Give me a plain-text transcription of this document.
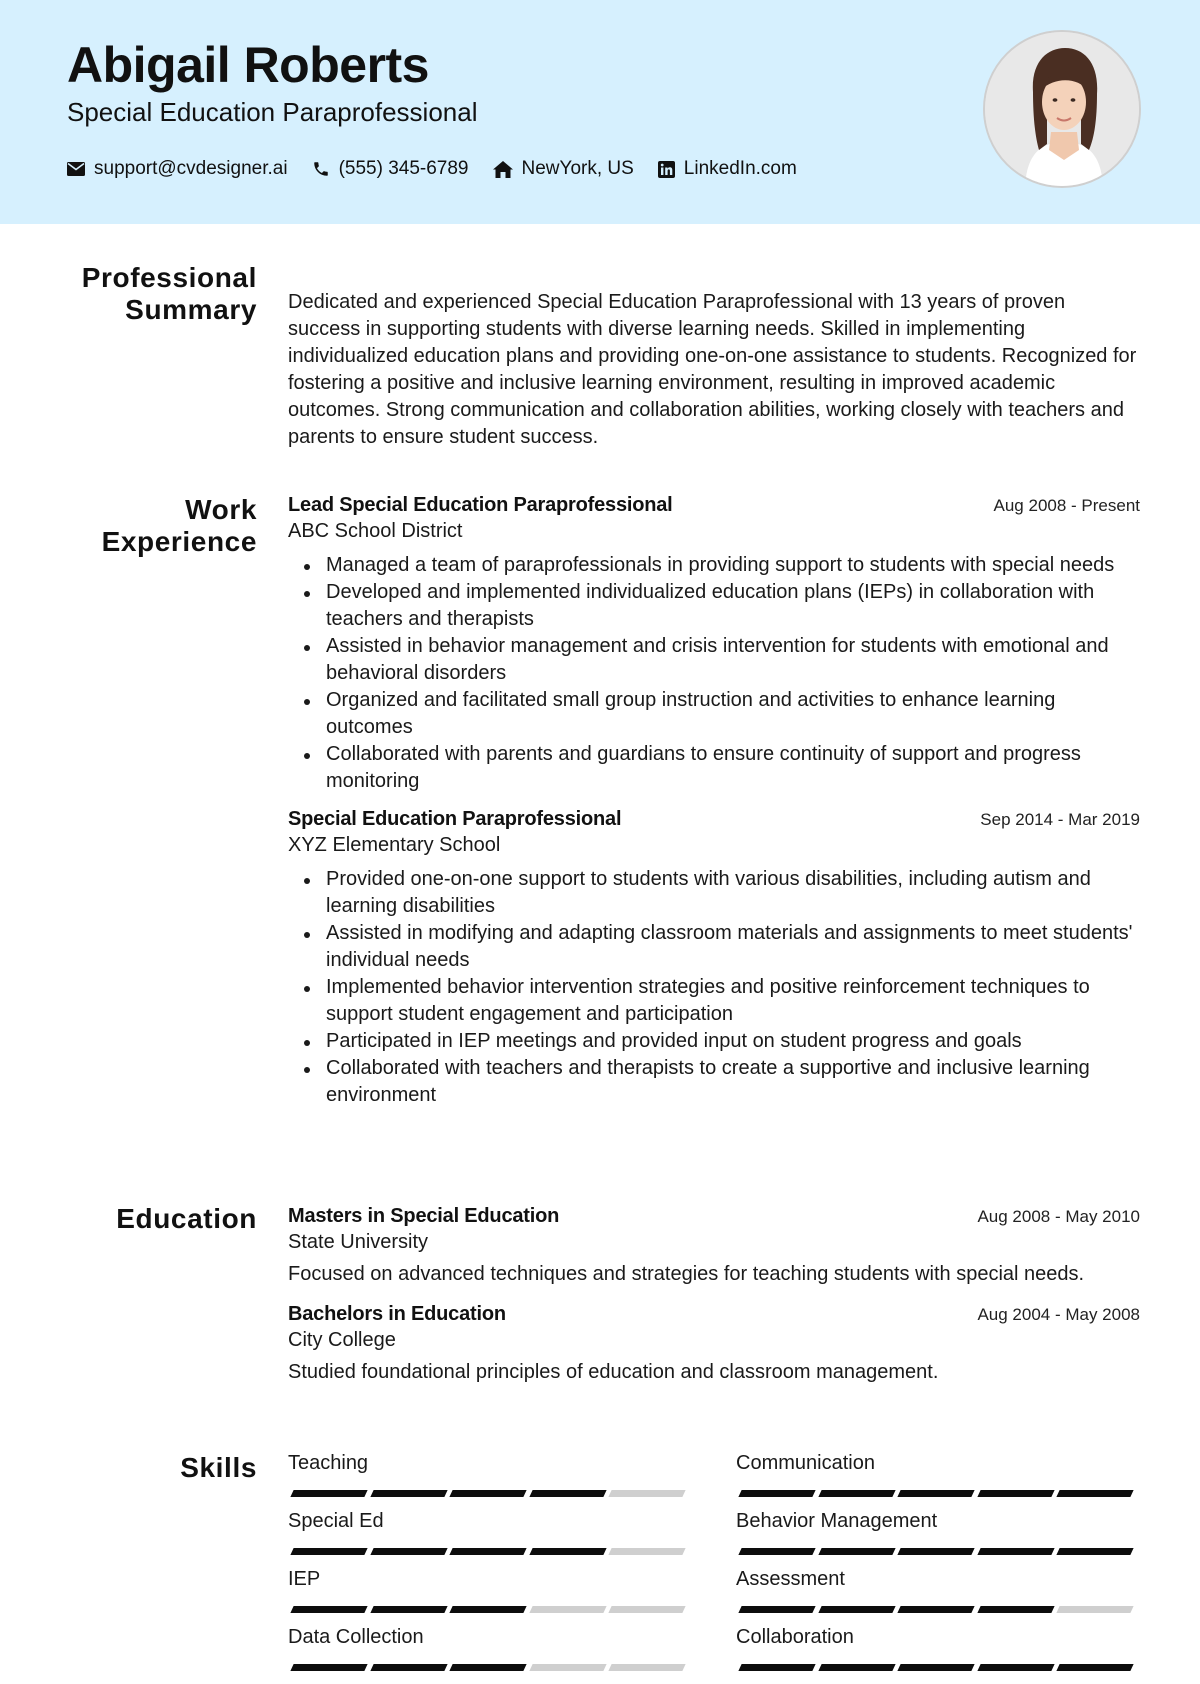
Abigail Roberts
Special Education Paraprofessional
support@cvdesigner.ai	(555) 345-6789	NewYork, US	LinkedIn.com
Professional
Summary Dedicated and experienced Special Education Paraprofessional with 13 years of proven success in supporting students with diverse learning needs. Skilled in implementing individualized education plans and providing one-on-one assistance to students. Recognized for fostering a positive and inclusive learning environment, resulting in improved academic outcomes. Strong communication and collaboration abilities, working closely with teachers and parents to ensure student success.

Work
Experience
Lead Special Education Paraprofessional	Aug 2008 - Present
ABC School District
Managed a team of paraprofessionals in providing support to students with special needs
Developed and implemented individualized education plans (IEPs) in collaboration with teachers and therapists
Assisted in behavior management and crisis intervention for students with emotional and behavioral disorders
Organized and facilitated small group instruction and activities to enhance learning outcomes
Collaborated with parents and guardians to ensure continuity of support and progress monitoring
Special Education Paraprofessional	Sep 2014 - Mar 2019
XYZ Elementary School
Provided one-on-one support to students with various disabilities, including autism and learning disabilities
Assisted in modifying and adapting classroom materials and assignments to meet students' individual needs
Implemented behavior intervention strategies and positive reinforcement techniques to support student engagement and participation
Participated in IEP meetings and provided input on student progress and goals
Collaborated with teachers and therapists to create a supportive and inclusive learning environment
Education Masters in Special Education	Aug 2008 - May 2010
State University
Focused on advanced techniques and strategies for teaching students with special needs.
Bachelors in Education	Aug 2004 - May 2008
City College
Studied foundational principles of education and classroom management.
Skills Teaching	Communication
Special Ed	Behavior Management
IEP	Assessment
Data Collection	Collaboration
